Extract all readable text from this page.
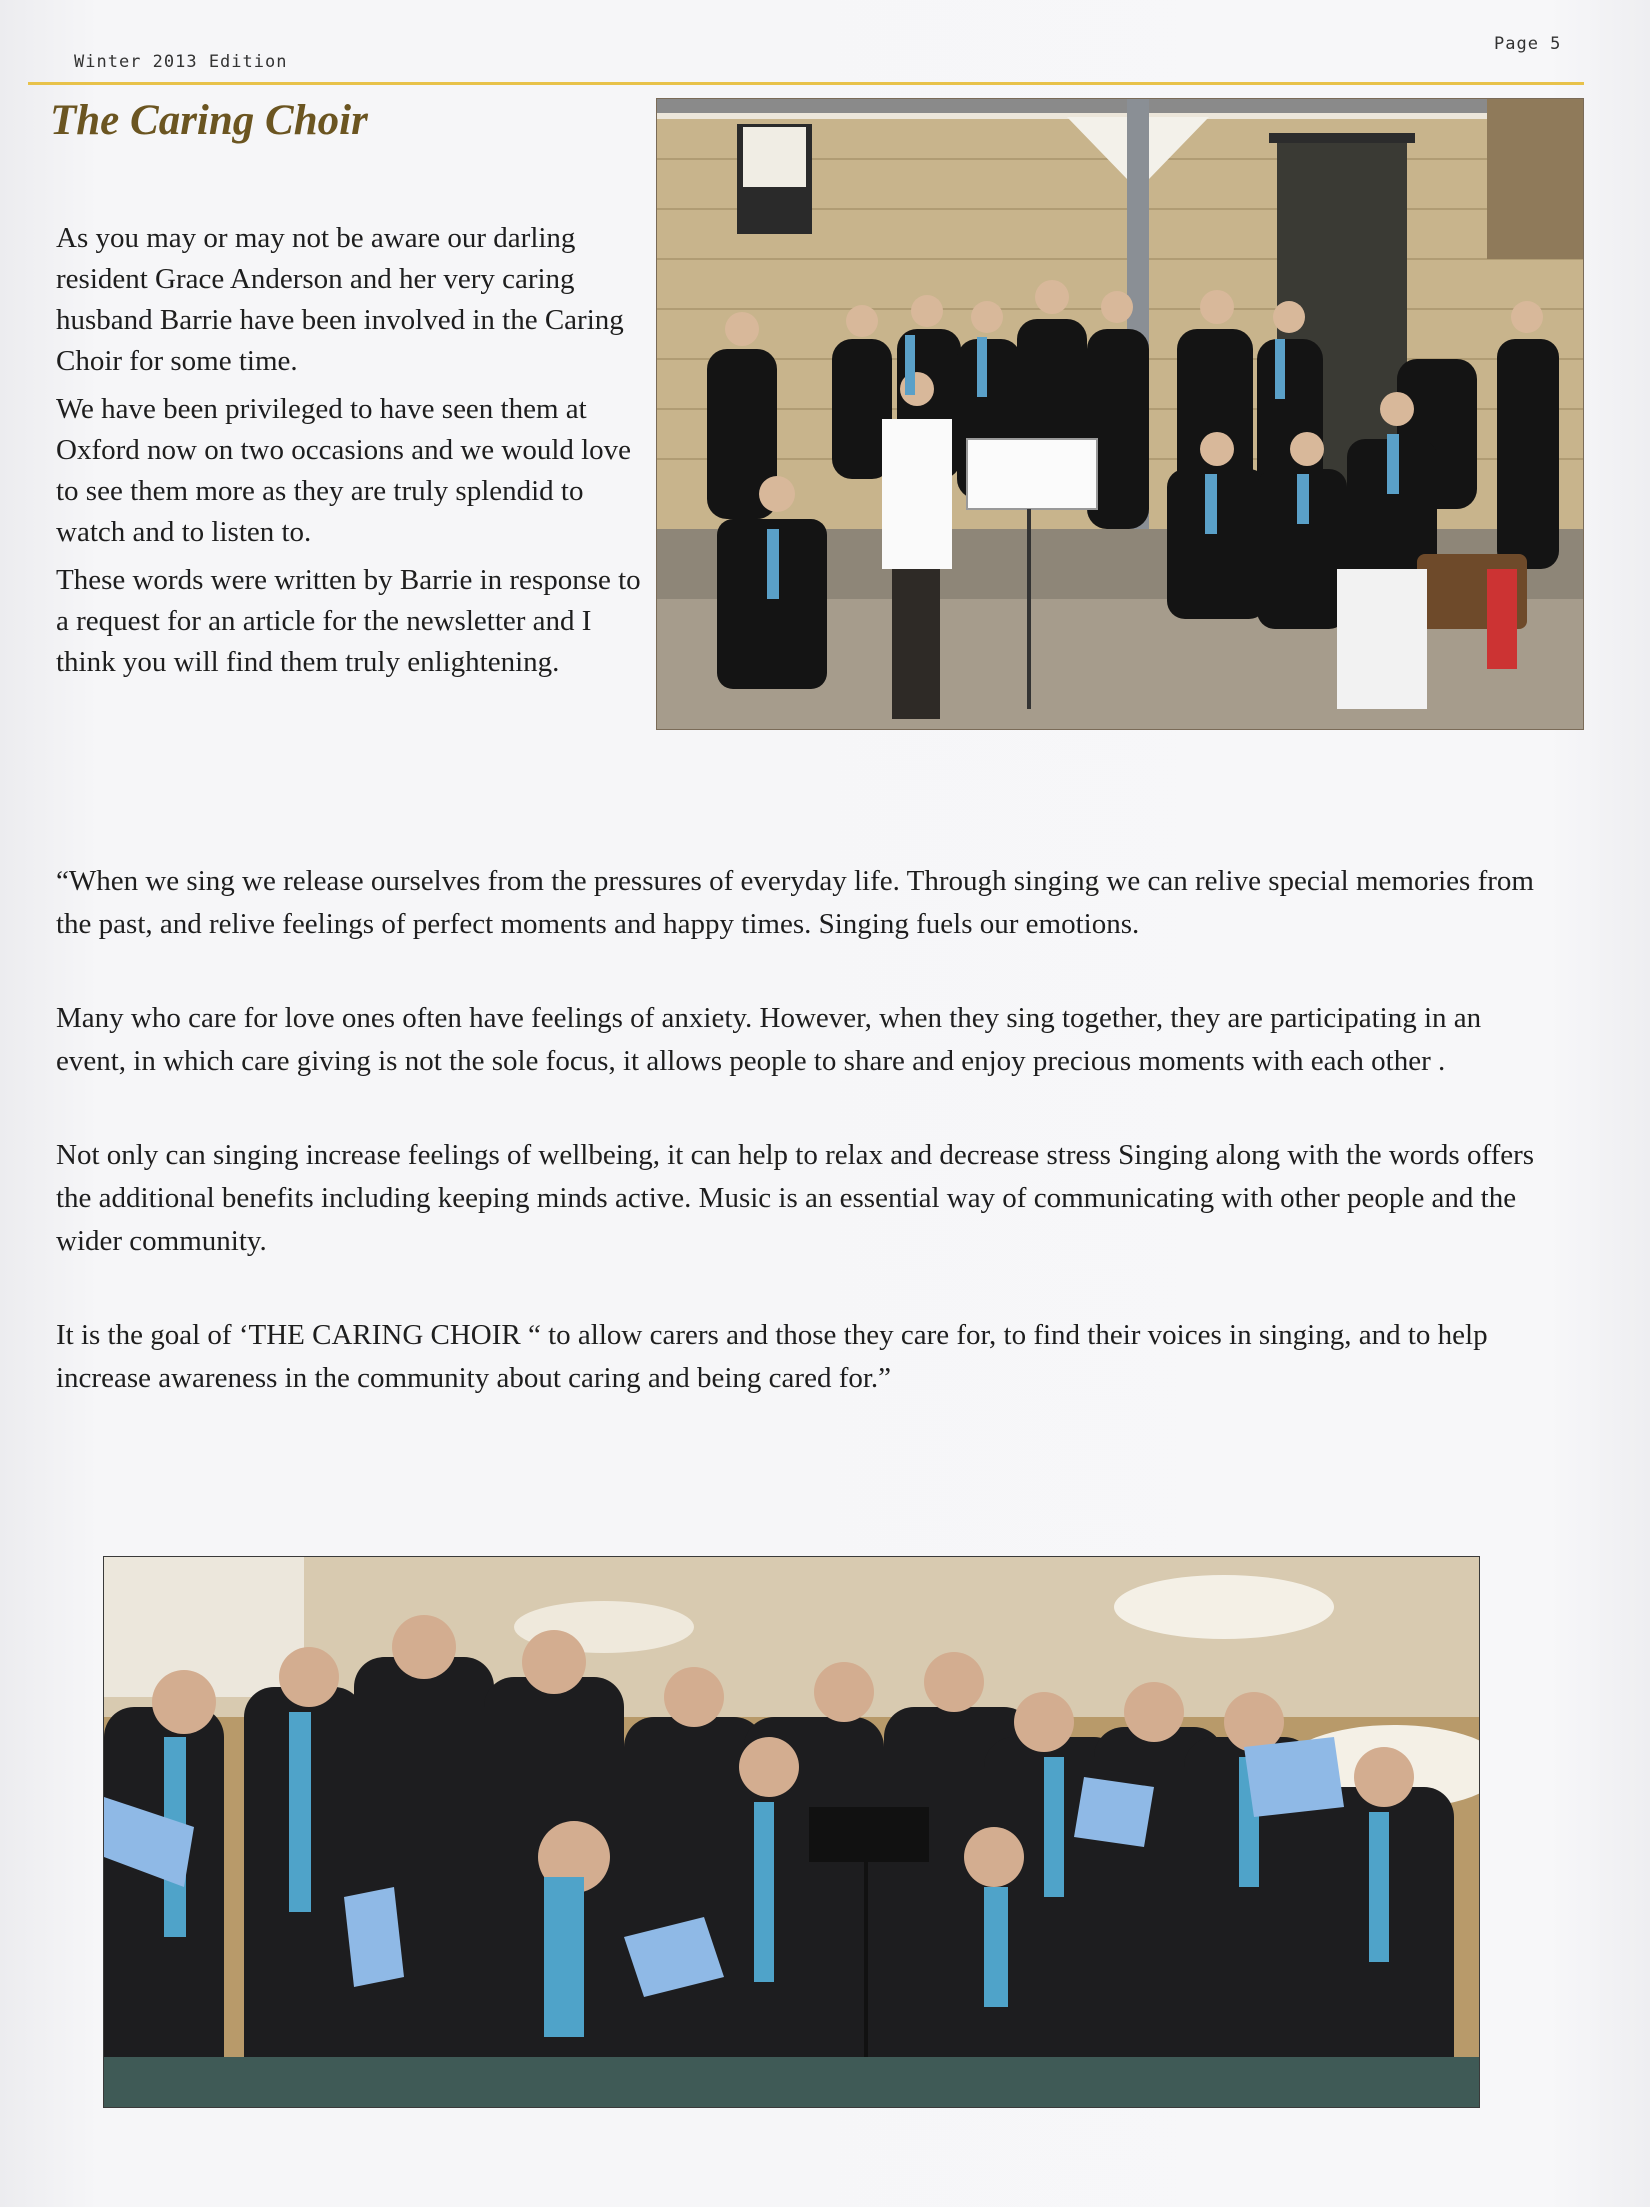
Winter 2013 Edition
Page 5
The Caring Choir

As you may or may not be aware our darling resident Grace Anderson and her very caring husband Barrie have been involved in the Caring Choir for some time.

We have been privileged to have seen them at Oxford now on two occasions and we would love to see them more as they are truly splendid to watch and to listen to.

These words were written by Barrie in response to a request for an article for the newsletter and I think you will find them truly enlightening.

“When we sing we release ourselves from the pressures of everyday life. Through singing we can relive special memories from the past, and relive feelings of perfect moments and happy times. Singing fuels our emotions.

Many who care for love ones often have feelings of anxiety. However, when they sing together, they are participating in an event, in which care giving is not the sole focus, it allows people to share and enjoy precious moments with each other .

Not only can singing increase feelings of wellbeing, it can help to relax and decrease stress Singing along with the words offers the additional benefits including keeping minds active. Music is an essential way of communicating with other people and the wider community.

It is the goal of ‘THE CARING CHOIR “ to allow carers and those they care for, to find their voices in singing, and to help increase awareness in the community about caring and being cared for.”
